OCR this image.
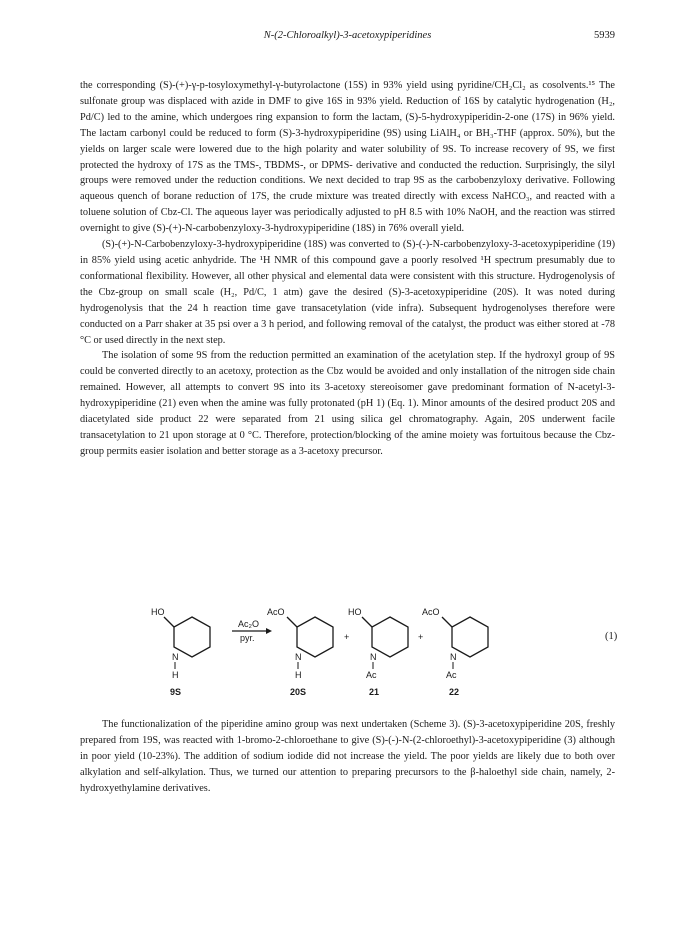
N-(2-Chloroalkyl)-3-acetoxypiperidines	5939

the corresponding (S)-(+)-γ-p-tosyloxymethyl-γ-butyrolactone (15S) in 93% yield using pyridine/CH₂Cl₂ as cosolvents.¹⁵ The sulfonate group was displaced with azide in DMF to give 16S in 93% yield. Reduction of 16S by catalytic hydrogenation (H₂, Pd/C) led to the amine, which undergoes ring expansion to form the lactam, (S)-5-hydroxypiperidin-2-one (17S) in 96% yield. The lactam carbonyl could be reduced to form (S)-3-hydroxypiperidine (9S) using LiAlH₄ or BH₃-THF (approx. 50%), but the yields on larger scale were lowered due to the high polarity and water solubility of 9S. To increase recovery of 9S, we first protected the hydroxy of 17S as the TMS-, TBDMS-, or DPMS- derivative and conducted the reduction. Surprisingly, the silyl groups were removed under the reduction conditions. We next decided to trap 9S as the carbobenzyloxy derivative. Following aqueous quench of borane reduction of 17S, the crude mixture was treated directly with excess NaHCO₃, and reacted with a toluene solution of Cbz-Cl. The aqueous layer was periodically adjusted to pH 8.5 with 10% NaOH, and the reaction was stirred overnight to give (S)-(+)-N-carbobenzyloxy-3-hydroxypiperidine (18S) in 76% overall yield.

(S)-(+)-N-Carbobenzyloxy-3-hydroxypiperidine (18S) was converted to (S)-(-)-N-carbobenzyloxy-3-acetoxypiperidine (19) in 85% yield using acetic anhydride. The ¹H NMR of this compound gave a poorly resolved ¹H spectrum presumably due to conformational flexibility. However, all other physical and elemental data were consistent with this structure. Hydrogenolysis of the Cbz-group on small scale (H₂, Pd/C, 1 atm) gave the desired (S)-3-acetoxypiperidine (20S). It was noted during hydrogenolysis that the 24 h reaction time gave transacetylation (vide infra). Subsequent hydrogenolyses therefore were conducted on a Parr shaker at 35 psi over a 3 h period, and following removal of the catalyst, the product was either stored at -78 °C or used directly in the next step.

The isolation of some 9S from the reduction permitted an examination of the acetylation step. If the hydroxyl group of 9S could be converted directly to an acetoxy, protection as the Cbz would be avoided and only installation of the nitrogen side chain remained. However, all attempts to convert 9S into its 3-acetoxy stereoisomer gave predominant formation of N-acetyl-3-hydroxypiperidine (21) even when the amine was fully protonated (pH 1) (Eq. 1). Minor amounts of the desired product 20S and diacetylated side product 22 were separated from 21 using silica gel chromatography. Again, 20S underwent facile transacetylation to 21 upon storage at 0 °C. Therefore, protection/blocking of the amine moiety was fortuitous because the Cbz-group permits easier isolation and better storage as a 3-acetoxy precursor.

HO
N
H
9S
Ac₂O
pyr.
AcO
N
H
20S
+
HO
N
Ac
21
+
AcO
N
Ac
22
(1)

The functionalization of the piperidine amino group was next undertaken (Scheme 3). (S)-3-acetoxypiperidine 20S, freshly prepared from 19S, was reacted with 1-bromo-2-chloroethane to give (S)-(-)-N-(2-chloroethyl)-3-acetoxypiperidine (3) although in poor yield (10-23%). The addition of sodium iodide did not increase the yield. The poor yields are likely due to both over alkylation and self-alkylation. Thus, we turned our attention to preparing precursors to the β-haloethyl side chain, namely, 2-hydroxyethylamine derivatives.
